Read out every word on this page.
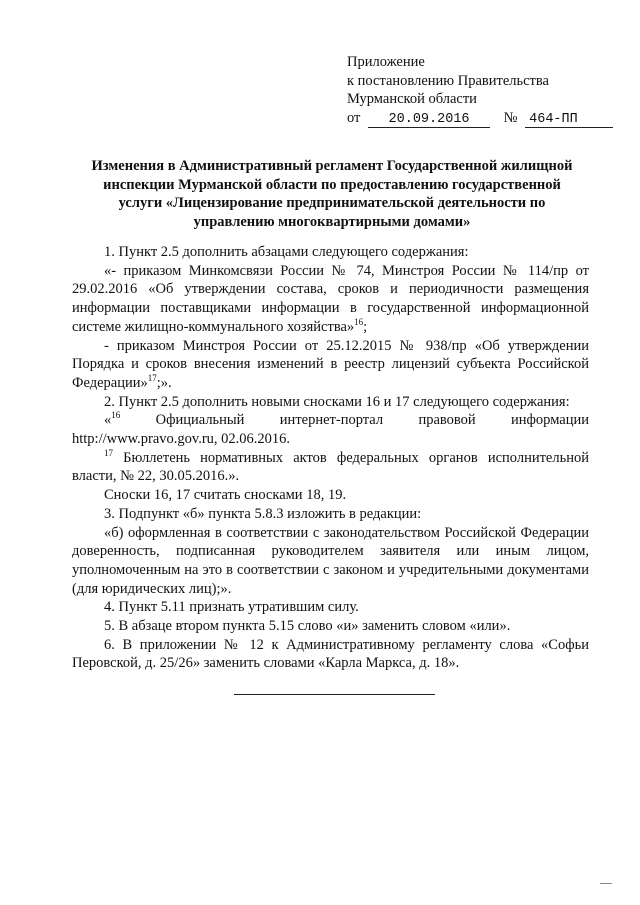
Приложение
к постановлению Правительства
Мурманской области
от 20.09.2016 № 464-ПП
Изменения в Административный регламент Государственной жилищной
инспекции Мурманской области по предоставлению государственной
услуги «Лицензирование предпринимательской деятельности по
управлению многоквартирными домами»

1. Пункт 2.5 дополнить абзацами следующего содержания:

«- приказом Минкомсвязи России № 74, Минстроя России № 114/пр от 29.02.2016 «Об утверждении состава, сроков и периодичности размещения информации поставщиками информации в государственной информационной системе жилищно-коммунального хозяйства»$^{16}$;

- приказом Минстроя России от 25.12.2015 № 938/пр «Об утверждении Порядка и сроков внесения изменений в реестр лицензий субъекта Российской Федерации»$^{17}$;».

2. Пункт 2.5 дополнить новыми сносками 16 и 17 следующего содержания:

«$^{16}$ Официальный интернет-портал правовой информации http://www.pravo.gov.ru, 02.06.2016.

$^{17}$ Бюллетень нормативных актов федеральных органов исполнительной власти, № 22, 30.05.2016.».

Сноски 16, 17 считать сносками 18, 19.

3. Подпункт «б» пункта 5.8.3 изложить в редакции:

«б) оформленная в соответствии с законодательством Российской Федерации доверенность, подписанная руководителем заявителя или иным лицом, уполномоченным на это в соответствии с законом и учредительными документами (для юридических лиц);».

4. Пункт 5.11 признать утратившим силу.

5. В абзаце втором пункта 5.15 слово «и» заменить словом «или».

6. В приложении № 12 к Административному регламенту слова «Софьи Перовской, д. 25/26» заменить словами «Карла Маркса, д. 18».
